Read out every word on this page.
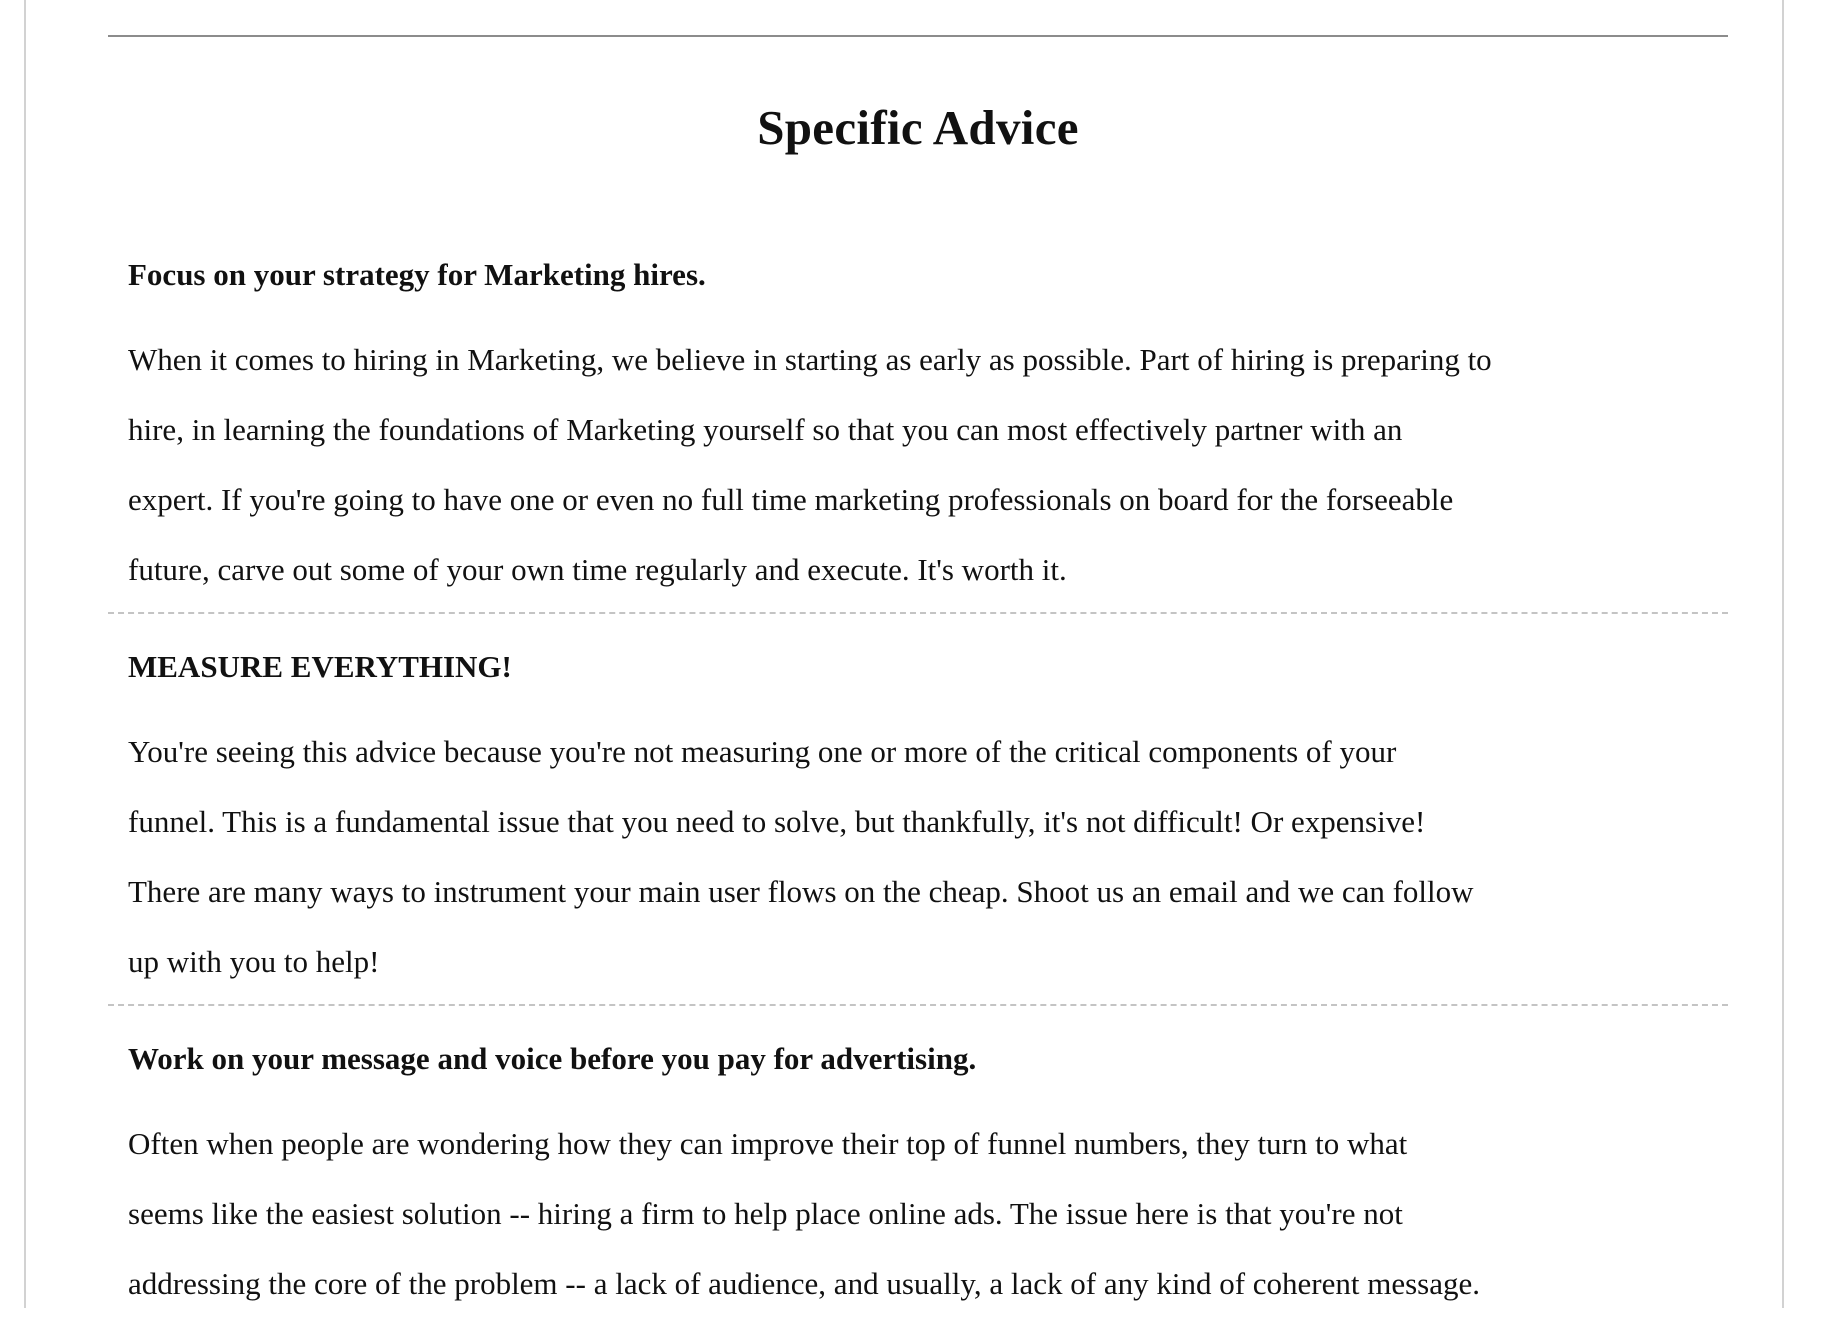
Specific Advice

Focus on your strategy for Marketing hires.

When it comes to hiring in Marketing, we believe in starting as early as possible. Part of hiring is preparing to
hire, in learning the foundations of Marketing yourself so that you can most effectively partner with an
expert. If you're going to have one or even no full time marketing professionals on board for the forseeable
future, carve out some of your own time regularly and execute. It's worth it.

MEASURE EVERYTHING!

You're seeing this advice because you're not measuring one or more of the critical components of your
funnel. This is a fundamental issue that you need to solve, but thankfully, it's not difficult! Or expensive!
There are many ways to instrument your main user flows on the cheap. Shoot us an email and we can follow
up with you to help!

Work on your message and voice before you pay for advertising.

Often when people are wondering how they can improve their top of funnel numbers, they turn to what
seems like the easiest solution -- hiring a firm to help place online ads. The issue here is that you're not
addressing the core of the problem -- a lack of audience, and usually, a lack of any kind of coherent message.
